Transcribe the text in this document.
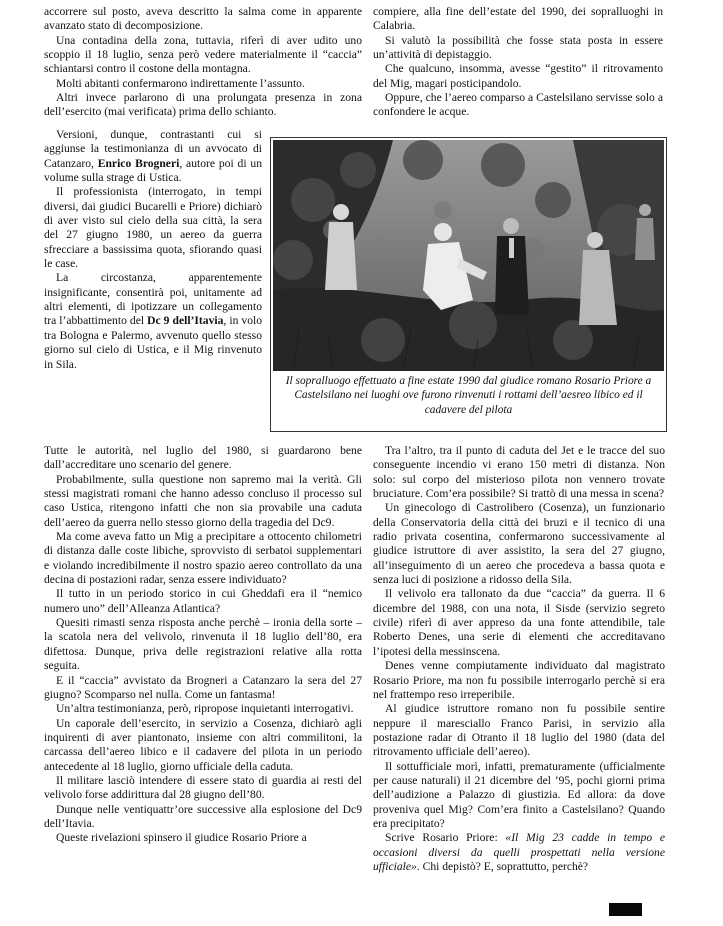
accorrere sul posto, aveva descritto la salma come in apparente avanzato stato di decomposizione.

Una contadina della zona, tuttavia, riferì di aver udito uno scoppio il 18 luglio, senza però vedere materialmente il “caccia” schiantarsi contro il costone della montagna.

Molti abitanti confermarono indirettamente l’assunto.

Altri invece parlarono di una prolungata presenza in zona dell’esercito (mai verificata) prima dello schianto.

compiere, alla fine dell’estate del 1990, dei sopralluoghi in Calabria.

Si valutò la possibilità che fosse stata posta in essere un’attività di depistaggio.

Che qualcuno, insomma, avesse “gestito” il ritrovamento del Mig, magari posticipandolo.

Oppure, che l’aereo comparso a Castelsilano servisse solo a confondere le acque.

Versioni, dunque, contrastanti cui si aggiunse la testimonianza di un avvocato di Catanzaro, Enrico Brogneri, autore poi di un volume sulla strage di Ustica.

Il professionista (interrogato, in tempi diversi, dai giudici Bucarelli e Priore) dichiarò di aver visto sul cielo della sua città, la sera del 27 giugno 1980, un aereo da guerra sfrecciare a bassissima quota, sfiorando quasi le case.

La circostanza, apparentemente insignificante, consentirà poi, unitamente ad altri elementi, di ipotizzare un collegamento tra l’abbattimento del Dc 9 dell’Itavia, in volo tra Bologna e Palermo, avvenuto quello stesso giorno sul cielo di Ustica, e il Mig rinvenuto in Sila.

Il sopralluogo effettuato a fine estate 1990 dal giudice romano Rosario Priore a Castelsilano nei luoghi ove furono rinvenuti i rottami dell’aesreo libico ed il cadavere del pilota

Tutte le autorità, nel luglio del 1980, si guardarono bene dall’accreditare uno scenario del genere.

Probabilmente, sulla questione non sapremo mai la verità. Gli stessi magistrati romani che hanno adesso concluso il processo sul caso Ustica, ritengono infatti che non sia provabile una caduta dell’aereo da guerra nello stesso giorno della tragedia del Dc9.

Ma come aveva fatto un Mig a precipitare a ottocento chilometri di distanza dalle coste libiche, sprovvisto di serbatoi supplementari e violando incredibilmente il nostro spazio aereo controllato da una decina di postazioni radar, senza essere individuato?

Il tutto in un periodo storico in cui Gheddafi era il “nemico numero uno” dell’Alleanza Atlantica?

Quesiti rimasti senza risposta anche perchè – ironia della sorte – la scatola nera del velivolo, rinvenuta il 18 luglio dell’80, era difettosa. Dunque, priva delle registrazioni relative alla rotta seguita.

E il “caccia” avvistato da Brogneri a Catanzaro la sera del 27 giugno? Scomparso nel nulla. Come un fantasma!

Un’altra testimonianza, però, ripropose inquietanti interrogativi.

Un caporale dell’esercito, in servizio a Cosenza, dichiarò agli inquirenti di aver piantonato, insieme con altri commilitoni, la carcassa dell’aereo libico e il cadavere del pilota in un periodo antecedente al 18 luglio, giorno ufficiale della caduta.

Il militare lasciò intendere di essere stato di guardia ai resti del velivolo forse addirittura dal 28 giugno dell’80.

Dunque nelle ventiquattr’ore successive alla esplosione del Dc9 dell’Itavia.

Queste rivelazioni spinsero il giudice Rosario Priore a

Tra l’altro, tra il punto di caduta del Jet e le tracce del suo conseguente incendio vi erano 150 metri di distanza. Non solo: sul corpo del misterioso pilota non vennero trovate bruciature. Com’era possibile? Si trattò di una messa in scena?

Un ginecologo di Castrolibero (Cosenza), un funzionario della Conservatoria della città dei bruzi e il tecnico di una radio privata cosentina, confermarono successivamente al giudice istruttore di aver assistito, la sera del 27 giugno, all’inseguimento di un aereo che procedeva a bassa quota e senza luci di posizione a ridosso della Sila.

Il velivolo era tallonato da due “caccia” da guerra. Il 6 dicembre del 1988, con una nota, il Sisde (servizio segreto civile) riferì di aver appreso da una fonte attendibile, tale Roberto Denes, una serie di elementi che accreditavano l’ipotesi della messinscena.

Denes venne compiutamente individuato dal magistrato Rosario Priore, ma non fu possibile interrogarlo perchè si era nel frattempo reso irreperibile.

Al giudice istruttore romano non fu possibile sentire neppure il maresciallo Franco Parisi, in servizio alla postazione radar di Otranto il 18 luglio del 1980 (data del ritrovamento ufficiale dell’aereo).

Il sottufficiale morì, infatti, prematuramente (ufficialmente per cause naturali) il 21 dicembre del ’95, pochi giorni prima dell’audizione a Palazzo di giustizia. Ed allora: da dove proveniva quel Mig? Com’era finito a Castelsilano? Quando era precipitato?

Scrive Rosario Priore: «Il Mig 23 cadde in tempo e occasioni diversi da quelli prospettati nella versione ufficiale». Chi depistò? E, soprattutto, perchè?
